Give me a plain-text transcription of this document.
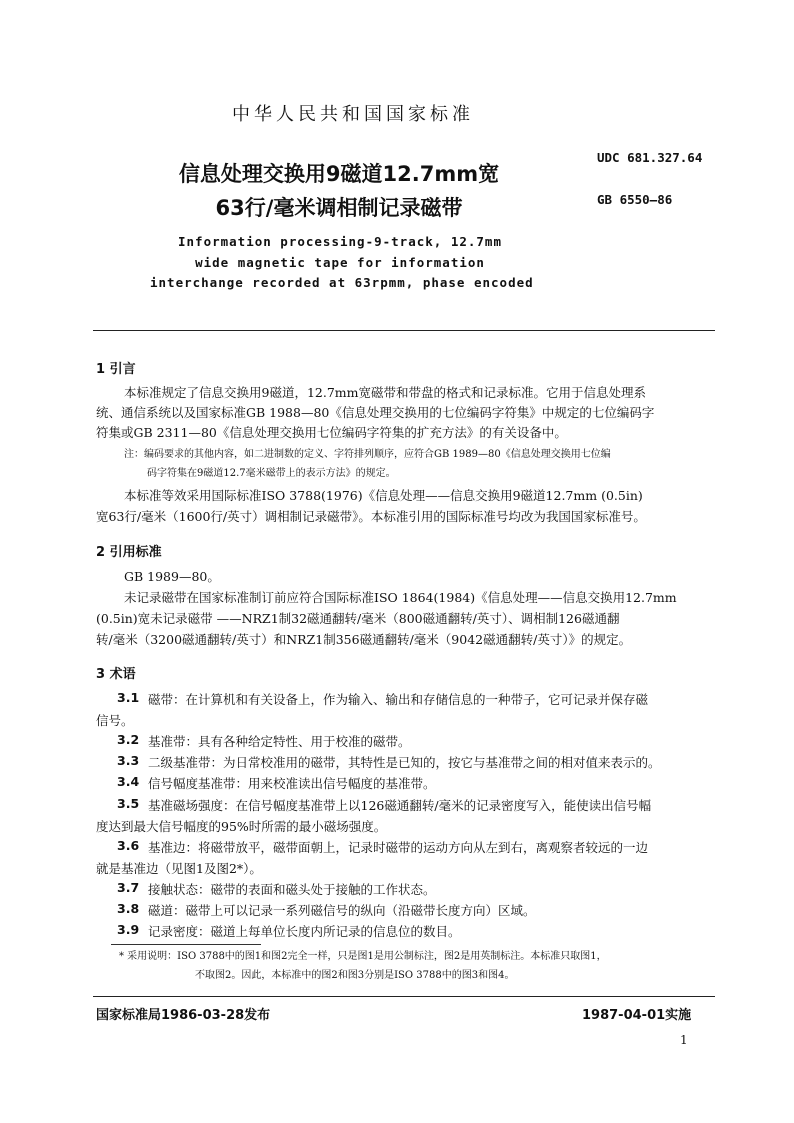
中华人民共和国国家标准
信息处理交换用9磁道12.7mm宽
63行/毫米调相制记录磁带
Information processing-9-track, 12.7mm
wide magnetic tape for information
interchange recorded at 63rpmm, phase encoded
UDC 681.327.64
GB 6550—86
1 引言
本标准规定了信息交换用9磁道，12.7mm宽磁带和带盘的格式和记录标准。它用于信息处理系
统、通信系统以及国家标准GB 1988—80《信息处理交换用的七位编码字符集》中规定的七位编码字
符集或GB 2311—80《信息处理交换用七位编码字符集的扩充方法》的有关设备中。
注：编码要求的其他内容，如二进制数的定义、字符排列顺序，应符合GB 1989—80《信息处理交换用七位编
码字符集在9磁道12.7毫米磁带上的表示方法》的规定。
本标准等效采用国际标准ISO 3788(1976)《信息处理——信息交换用9磁道12.7mm (0.5in)
宽63行/毫米（1600行/英寸）调相制记录磁带》。本标准引用的国际标准号均改为我国国家标准号。
2 引用标准
GB 1989—80。
未记录磁带在国家标准制订前应符合国际标准ISO 1864(1984)《信息处理——信息交换用12.7mm
(0.5in)宽未记录磁带 ——NRZ1制32磁通翻转/毫米（800磁通翻转/英寸）、调相制126磁通翻
转/毫米（3200磁通翻转/英寸）和NRZ1制356磁通翻转/毫米（9042磁通翻转/英寸）》的规定。
3 术语
3.1 磁带：在计算机和有关设备上，作为输入、输出和存储信息的一种带子，它可记录并保存磁
信号。
3.2 基准带：具有各种给定特性、用于校准的磁带。
3.3 二级基准带：为日常校准用的磁带，其特性是已知的，按它与基准带之间的相对值来表示的。
3.4 信号幅度基准带：用来校准读出信号幅度的基准带。
3.5 基准磁场强度：在信号幅度基准带上以126磁通翻转/毫米的记录密度写入，能使读出信号幅
度达到最大信号幅度的95%时所需的最小磁场强度。
3.6 基准边：将磁带放平，磁带面朝上，记录时磁带的运动方向从左到右，离观察者较远的一边
就是基准边（见图1及图2*）。
3.7 接触状态：磁带的表面和磁头处于接触的工作状态。
3.8 磁道：磁带上可以记录一系列磁信号的纵向（沿磁带长度方向）区域。
3.9 记录密度：磁道上每单位长度内所记录的信息位的数目。
* 采用说明：ISO 3788中的图1和图2完全一样，只是图1是用公制标注，图2是用英制标注。本标准只取图1，
不取图2。因此，本标准中的图2和图3分别是ISO 3788中的图3和图4。
国家标准局1986-03-28发布	1987-04-01实施
1
